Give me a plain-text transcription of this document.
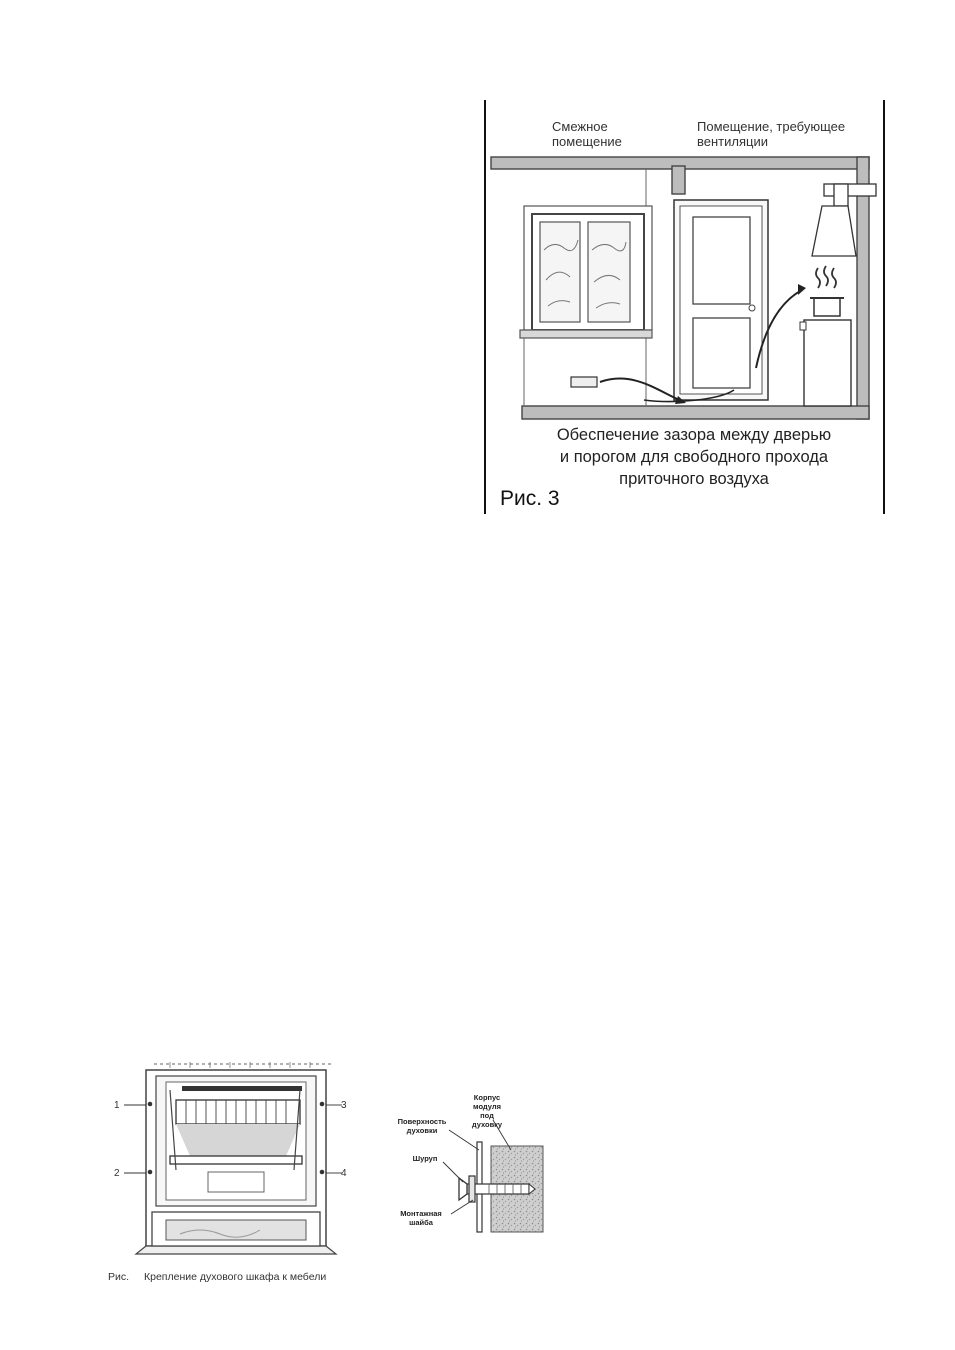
Смежное помещение
Помещение, требующее вентиляции
Обеспечение зазора между дверью
и порогом для свободного прохода
приточного воздуха
Рис. 3
1
2
3
4
Рис. Крепление духового шкафа к мебели
Корпус модуля под духовку
Поверхность духовки
Шуруп
Монтажная шайба
